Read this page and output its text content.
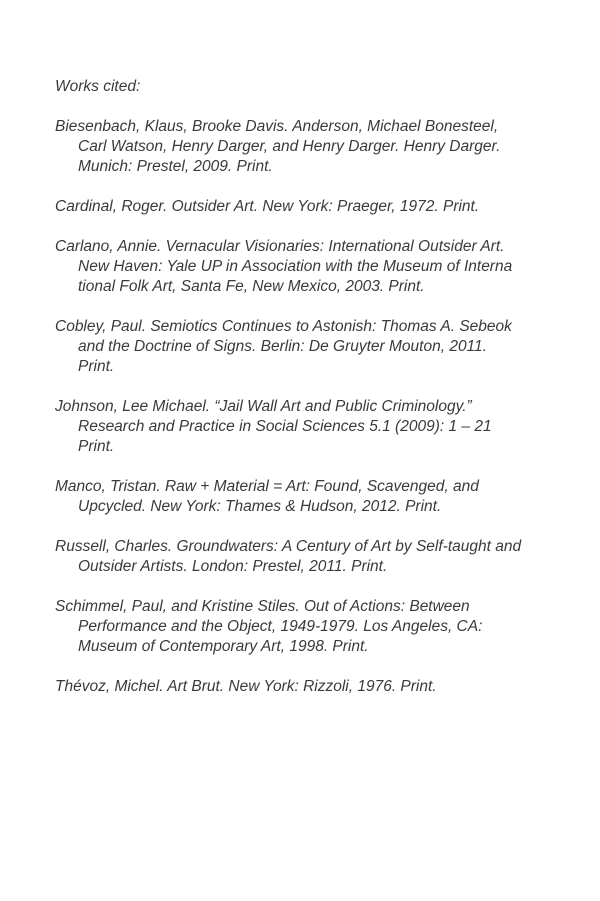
Works cited:
Biesenbach, Klaus, Brooke Davis. Anderson, Michael Bonesteel,
Carl Watson, Henry Darger, and Henry Darger. Henry Darger.
Munich: Prestel, 2009. Print.
Cardinal, Roger. Outsider Art. New York: Praeger, 1972. Print.
Carlano, Annie. Vernacular Visionaries: International Outsider Art.
New Haven: Yale UP in Association with the Museum of Interna
tional Folk Art, Santa Fe, New Mexico, 2003. Print.
Cobley, Paul. Semiotics Continues to Astonish: Thomas A. Sebeok
and the Doctrine of Signs. Berlin: De Gruyter Mouton, 2011.
Print.
Johnson, Lee Michael. “Jail Wall Art and Public Criminology.”
Research and Practice in Social Sciences 5.1 (2009): 1 – 21
Print.
Manco, Tristan. Raw + Material = Art: Found, Scavenged, and
Upcycled. New York: Thames & Hudson, 2012. Print.
Russell, Charles. Groundwaters: A Century of Art by Self-taught and
Outsider Artists. London: Prestel, 2011. Print.
Schimmel, Paul, and Kristine Stiles. Out of Actions: Between
Performance and the Object, 1949-1979. Los Angeles, CA:
Museum of Contemporary Art, 1998. Print.
Thévoz, Michel. Art Brut. New York: Rizzoli, 1976. Print.
